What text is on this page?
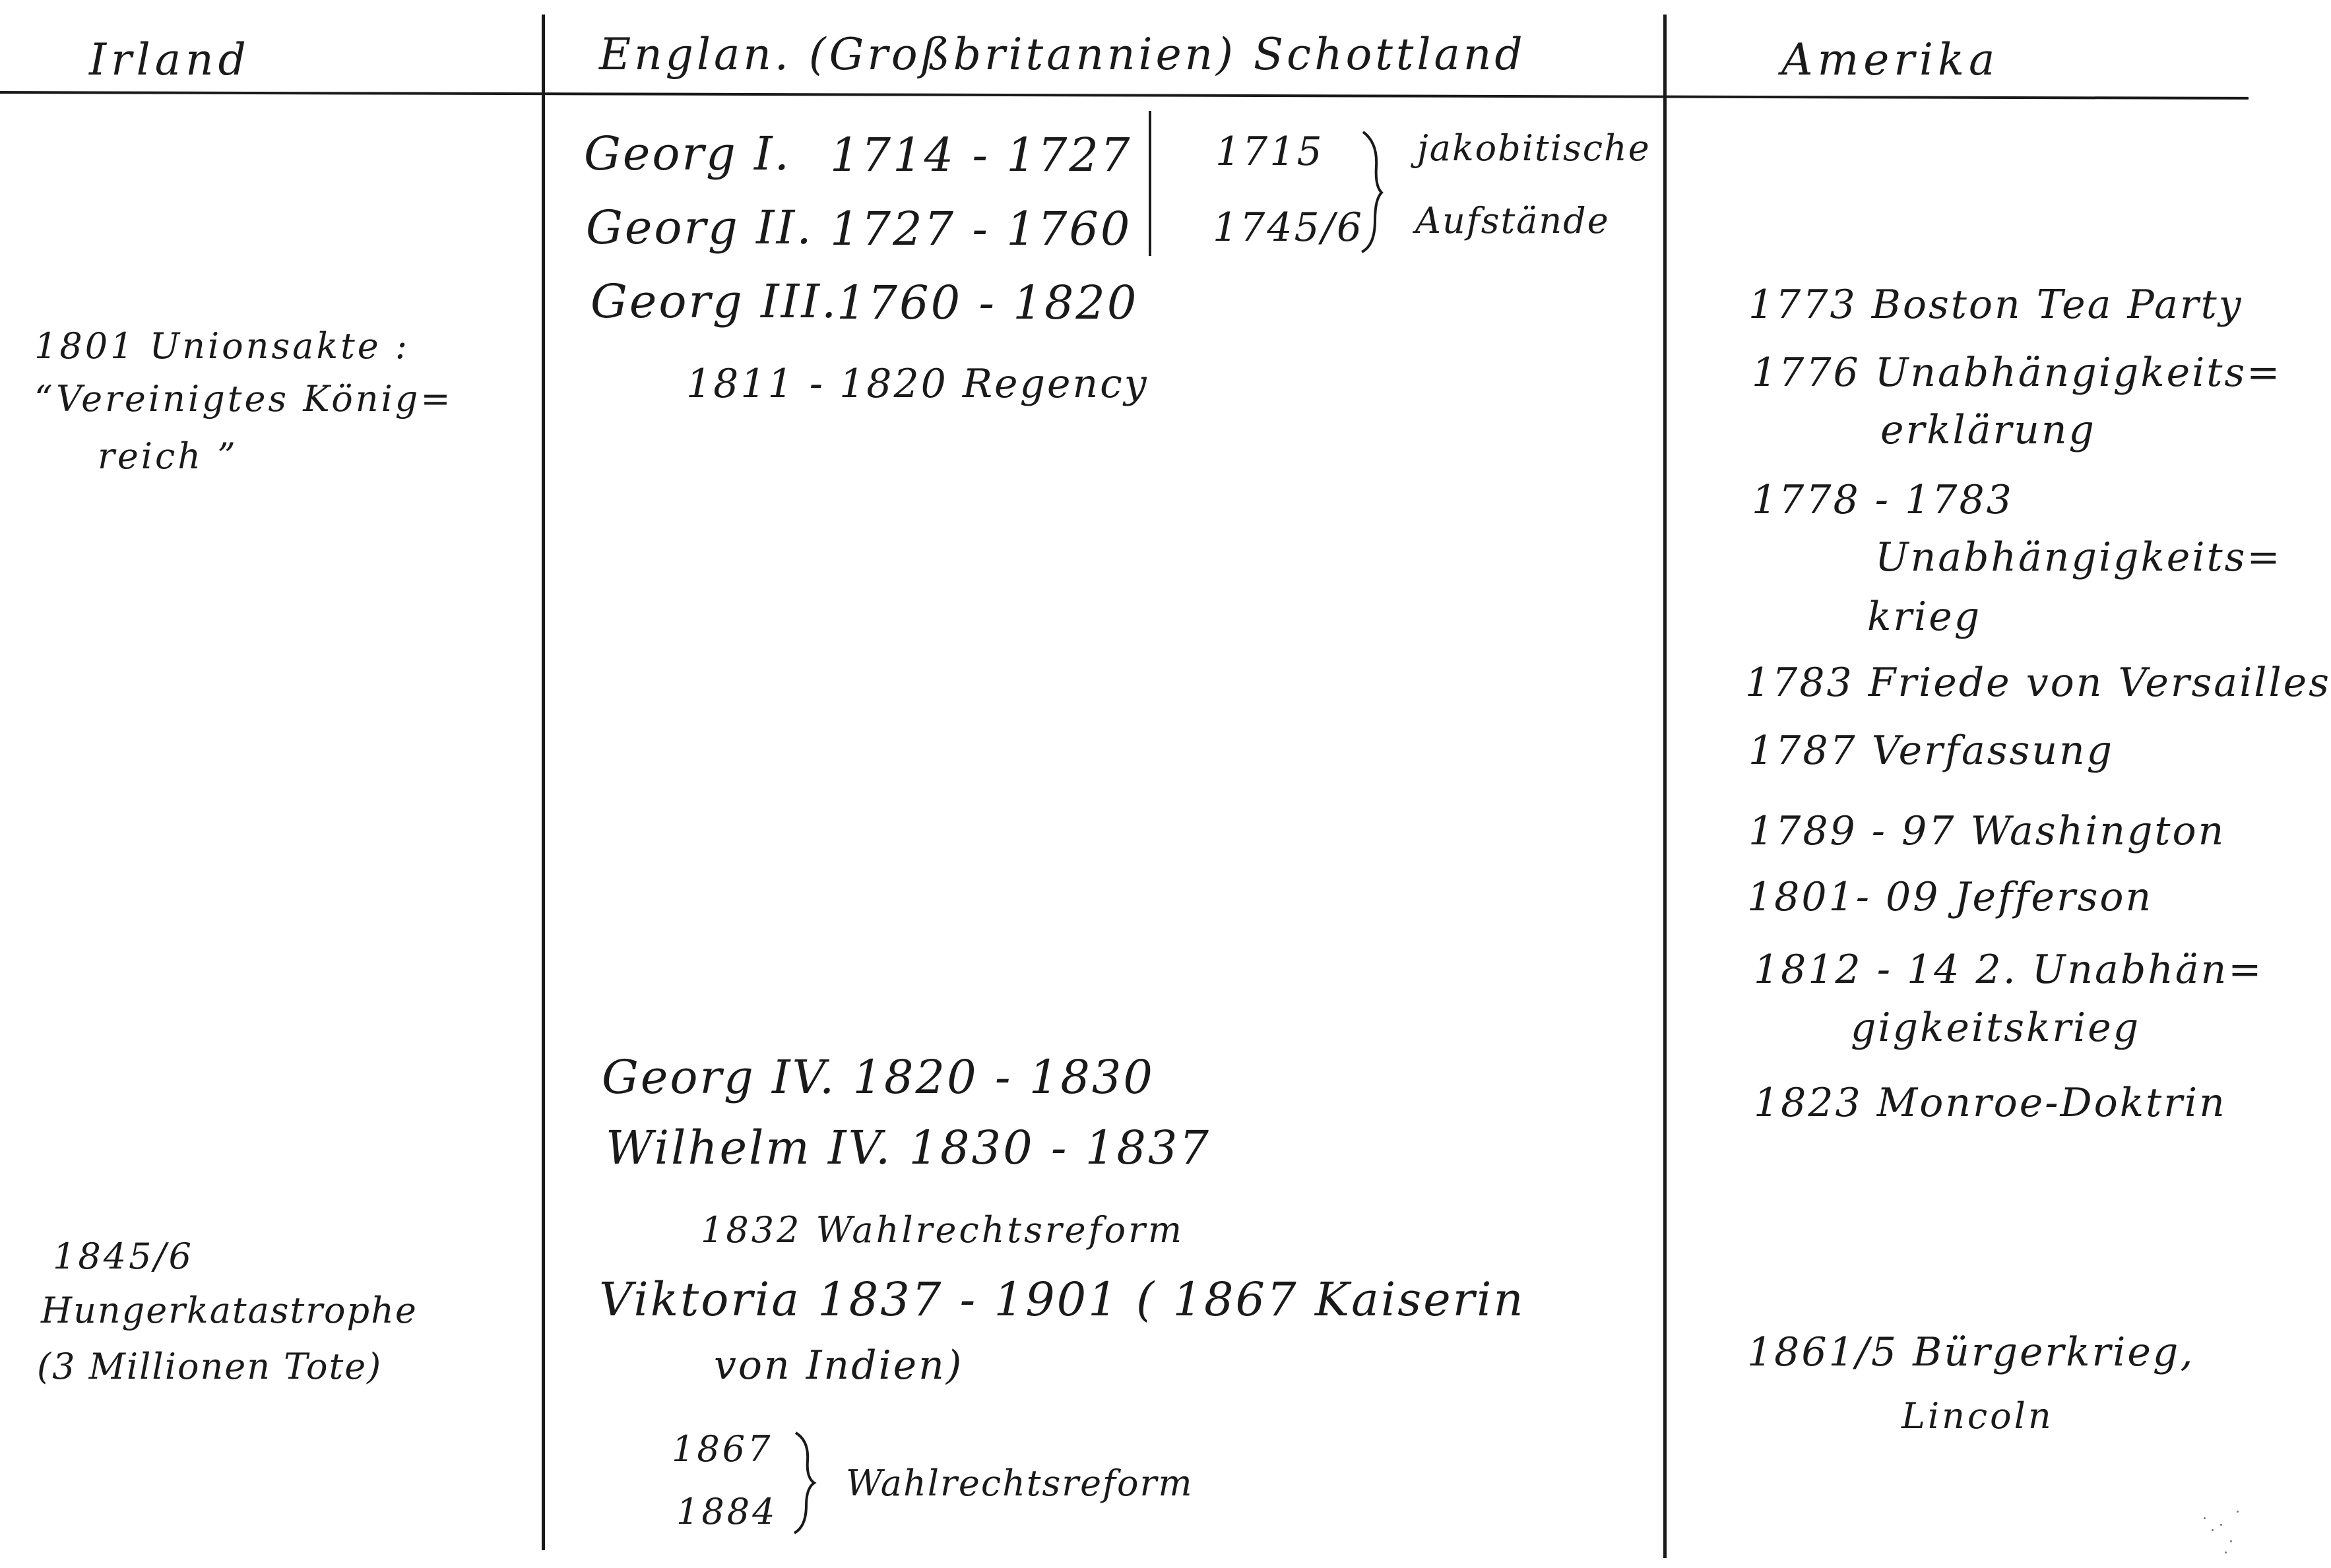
Irland	Englan. (Großbritannien) Schottland	Amerika
1801 Unionsakte :
“Vereinigtes König=
reich ”
1845/6
Hungerkatastrophe
(3 Millionen Tote)
Georg I. 1714 - 1727
Georg II. 1727 - 1760
Georg III.
1760 - 1820
1811 - 1820 Regency
Georg IV. 1820 - 1830
Wilhelm IV. 1830 - 1837
1832 Wahlrechtsreform
Viktoria 1837 - 1901 ( 1867 Kaiserin
von Indien)
1867
1884
Wahlrechtsreform
1715
1745/6
jakobitische
Aufstände
1773 Boston Tea Party
1776 Unabhängigkeits=
erklärung
1778 - 1783
Unabhängigkeits=
krieg
1783 Friede von Versailles
1787 Verfassung
1789 - 97 Washington
1801- 09 Jefferson
1812 - 14 2. Unabhän=
gigkeitskrieg
1823 Monroe-Doktrin
1861/5 Bürgerkrieg,
Lincoln
